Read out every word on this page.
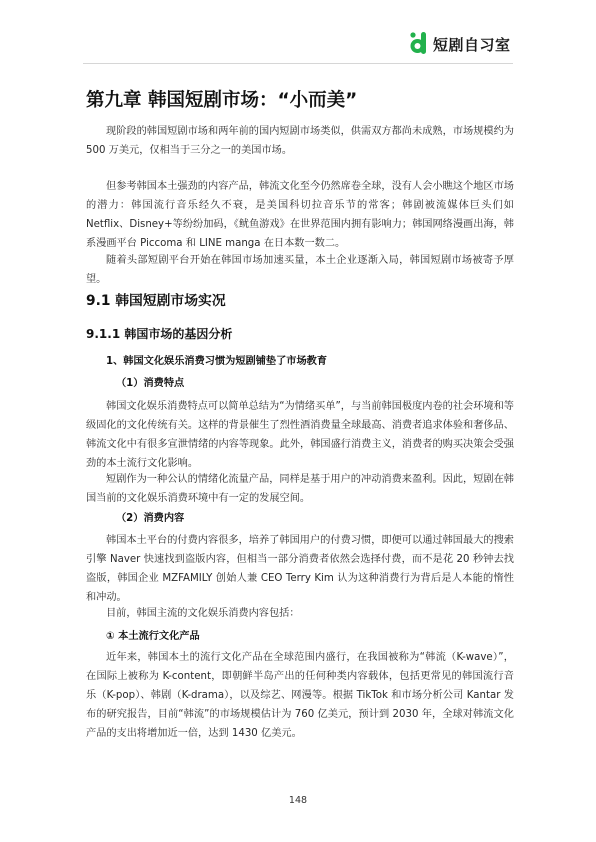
短剧自习室
第九章 韩国短剧市场：“小而美”

现阶段的韩国短剧市场和两年前的国内短剧市场类似，供需双方都尚未成熟，市场规模约为 500 万美元，仅相当于三分之一的美国市场。

但参考韩国本土强劲的内容产品，韩流文化至今仍然席卷全球，没有人会小瞧这个地区市场的潜力：韩国流行音乐经久不衰，是美国科切拉音乐节的常客；韩剧被流媒体巨头们如 Netflix、Disney+等纷纷加码，《鱿鱼游戏》在世界范围内拥有影响力；韩国网络漫画出海，韩系漫画平台 Piccoma 和 LINE manga 在日本数一数二。

随着头部短剧平台开始在韩国市场加速买量，本土企业逐渐入局，韩国短剧市场被寄予厚望。

9.1 韩国短剧市场实况
9.1.1 韩国市场的基因分析
1、韩国文化娱乐消费习惯为短剧铺垫了市场教育
（1）消费特点

韩国文化娱乐消费特点可以简单总结为“为情绪买单”，与当前韩国极度内卷的社会环境和等级固化的文化传统有关。这样的背景催生了烈性酒消费量全球最高、消费者追求体验和奢侈品、韩流文化中有很多宣泄情绪的内容等现象。此外，韩国盛行消费主义，消费者的购买决策会受强劲的本土流行文化影响。

短剧作为一种公认的情绪化流量产品，同样是基于用户的冲动消费来盈利。因此，短剧在韩国当前的文化娱乐消费环境中有一定的发展空间。

（2）消费内容

韩国本土平台的付费内容很多，培养了韩国用户的付费习惯，即便可以通过韩国最大的搜索引擎 Naver 快速找到盗版内容，但相当一部分消费者依然会选择付费，而不是花 20 秒钟去找盗版，韩国企业 MZFAMILY 创始人兼 CEO Terry Kim 认为这种消费行为背后是人本能的惰性和冲动。

目前，韩国主流的文化娱乐消费内容包括：

① 本土流行文化产品

近年来，韩国本土的流行文化产品在全球范围内盛行，在我国被称为“韩流（K-wave）”，在国际上被称为 K-content，即朝鲜半岛产出的任何种类内容载体，包括更常见的韩国流行音乐（K-pop）、韩剧（K-drama），以及综艺、网漫等。根据 TikTok 和市场分析公司 Kantar 发布的研究报告，目前“韩流”的市场规模估计为 760 亿美元，预计到 2030 年，全球对韩流文化产品的支出将增加近一倍，达到 1430 亿美元。

148
